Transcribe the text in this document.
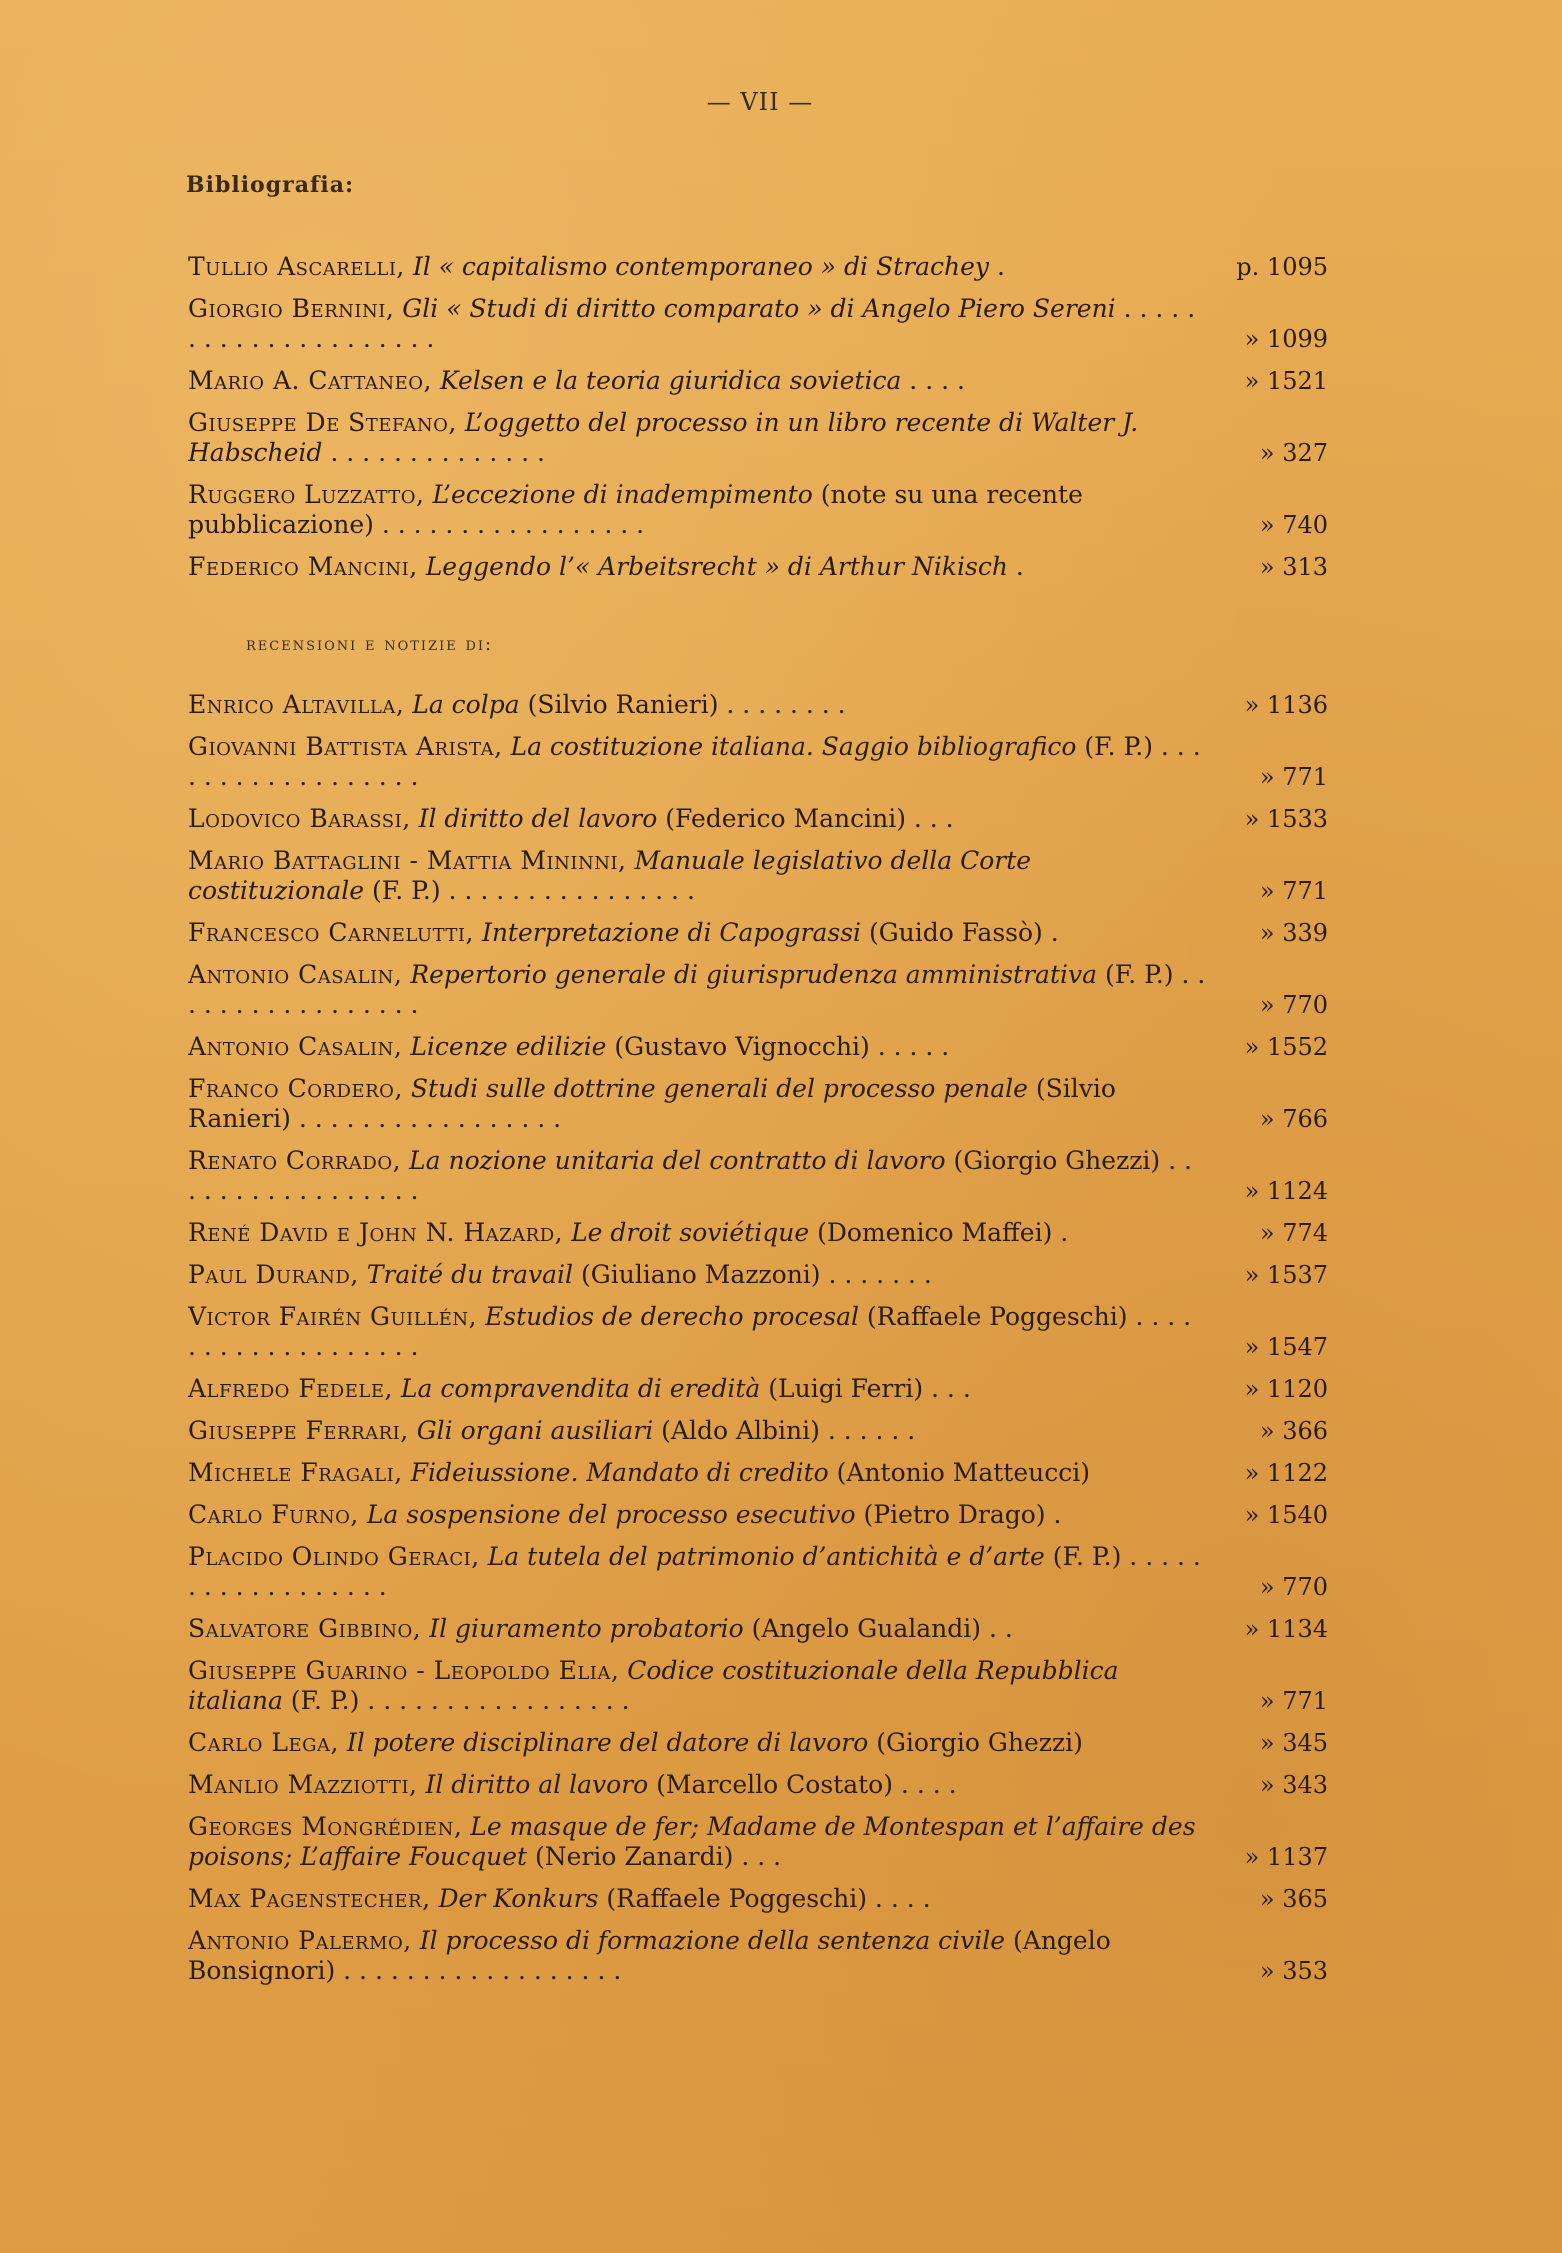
— VII —
Bibliografia:
Tullio Ascarelli, Il « capitalismo contemporaneo » di Strachey .	p. 1095
Giorgio Bernini, Gli « Studi di diritto comparato » di Angelo Piero Sereni . . . . . . . . . . . . . . . . . . . . .	» 1099
Mario A. Cattaneo, Kelsen e la teoria giuridica sovietica . . . .	» 1521
Giuseppe De Stefano, L’oggetto del processo in un libro recente di Walter J. Habscheid . . . . . . . . . . . . . .	» 327
Ruggero Luzzatto, L’eccezione di inadempimento (note su una recente pubblicazione) . . . . . . . . . . . . . . . . .	» 740
Federico Mancini, Leggendo l’« Arbeitsrecht » di Arthur Nikisch .	» 313
recensioni e notizie di:
Enrico Altavilla, La colpa (Silvio Ranieri) . . . . . . . .	» 1136
Giovanni Battista Arista, La costituzione italiana. Saggio bibliografico (F. P.) . . . . . . . . . . . . . . . . . .	» 771
Lodovico Barassi, Il diritto del lavoro (Federico Mancini) . . .	» 1533
Mario Battaglini - Mattia Mininni, Manuale legislativo della Corte costituzionale (F. P.) . . . . . . . . . . . . . . . .	» 771
Francesco Carnelutti, Interpretazione di Capograssi (Guido Fassò) .	» 339
Antonio Casalin, Repertorio generale di giurisprudenza amministrativa (F. P.) . . . . . . . . . . . . . . . . .	» 770
Antonio Casalin, Licenze edilizie (Gustavo Vignocchi) . . . . .	» 1552
Franco Cordero, Studi sulle dottrine generali del processo penale (Silvio Ranieri) . . . . . . . . . . . . . . . . .	» 766
Renato Corrado, La nozione unitaria del contratto di lavoro (Giorgio Ghezzi) . . . . . . . . . . . . . . . . .	» 1124
René David e John N. Hazard, Le droit soviétique (Domenico Maffei) .	» 774
Paul Durand, Traité du travail (Giuliano Mazzoni) . . . . . . .	» 1537
Victor Fairén Guillén, Estudios de derecho procesal (Raffaele Poggeschi) . . . . . . . . . . . . . . . . . . .	» 1547
Alfredo Fedele, La compravendita di eredità (Luigi Ferri) . . .	» 1120
Giuseppe Ferrari, Gli organi ausiliari (Aldo Albini) . . . . . .	» 366
Michele Fragali, Fideiussione. Mandato di credito (Antonio Matteucci)	» 1122
Carlo Furno, La sospensione del processo esecutivo (Pietro Drago) .	» 1540
Placido Olindo Geraci, La tutela del patrimonio d’antichità e d’arte (F. P.) . . . . . . . . . . . . . . . . . .	» 770
Salvatore Gibbino, Il giuramento probatorio (Angelo Gualandi) . .	» 1134
Giuseppe Guarino - Leopoldo Elia, Codice costituzionale della Repubblica italiana (F. P.) . . . . . . . . . . . . . . . . .	» 771
Carlo Lega, Il potere disciplinare del datore di lavoro (Giorgio Ghezzi)	» 345
Manlio Mazziotti, Il diritto al lavoro (Marcello Costato) . . . .	» 343
Georges Mongrédien, Le masque de fer; Madame de Montespan et l’affaire des poisons; L’affaire Foucquet (Nerio Zanardi) . . .	» 1137
Max Pagenstecher, Der Konkurs (Raffaele Poggeschi) . . . .	» 365
Antonio Palermo, Il processo di formazione della sentenza civile (Angelo Bonsignori) . . . . . . . . . . . . . . . . . .	» 353
